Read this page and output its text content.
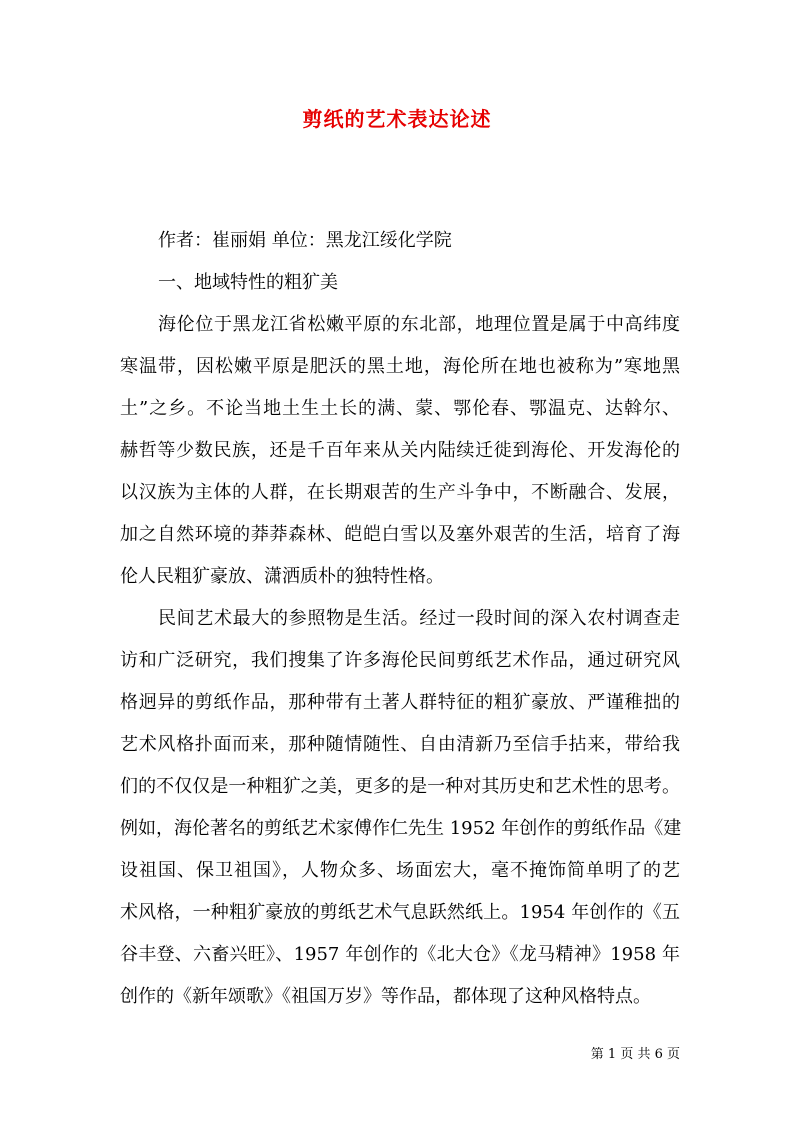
剪纸的艺术表达论述
作者：崔丽娟 单位：黑龙江绥化学院
一、地域特性的粗犷美
海伦位于黑龙江省松嫩平原的东北部，地理位置是属于中高纬度
寒温带，因松嫩平原是肥沃的黑土地，海伦所在地也被称为”寒地黑
土”之乡。不论当地土生土长的满、蒙、鄂伦春、鄂温克、达斡尔、
赫哲等少数民族，还是千百年来从关内陆续迁徙到海伦、开发海伦的
以汉族为主体的人群，在长期艰苦的生产斗争中，不断融合、发展，
加之自然环境的莽莽森林、皑皑白雪以及塞外艰苦的生活，培育了海
伦人民粗犷豪放、潇洒质朴的独特性格。
民间艺术最大的参照物是生活。经过一段时间的深入农村调查走
访和广泛研究，我们搜集了许多海伦民间剪纸艺术作品，通过研究风
格迥异的剪纸作品，那种带有土著人群特征的粗犷豪放、严谨稚拙的
艺术风格扑面而来，那种随情随性、自由清新乃至信手拈来，带给我
们的不仅仅是一种粗犷之美，更多的是一种对其历史和艺术性的思考。
例如，海伦著名的剪纸艺术家傅作仁先生 1952 年创作的剪纸作品《建
设祖国、保卫祖国》，人物众多、场面宏大，毫不掩饰简单明了的艺
术风格，一种粗犷豪放的剪纸艺术气息跃然纸上。1954 年创作的《五
谷丰登、六畜兴旺》、1957 年创作的《北大仓》《龙马精神》1958 年
创作的《新年颂歌》《祖国万岁》等作品，都体现了这种风格特点。
第 1 页 共 6 页
